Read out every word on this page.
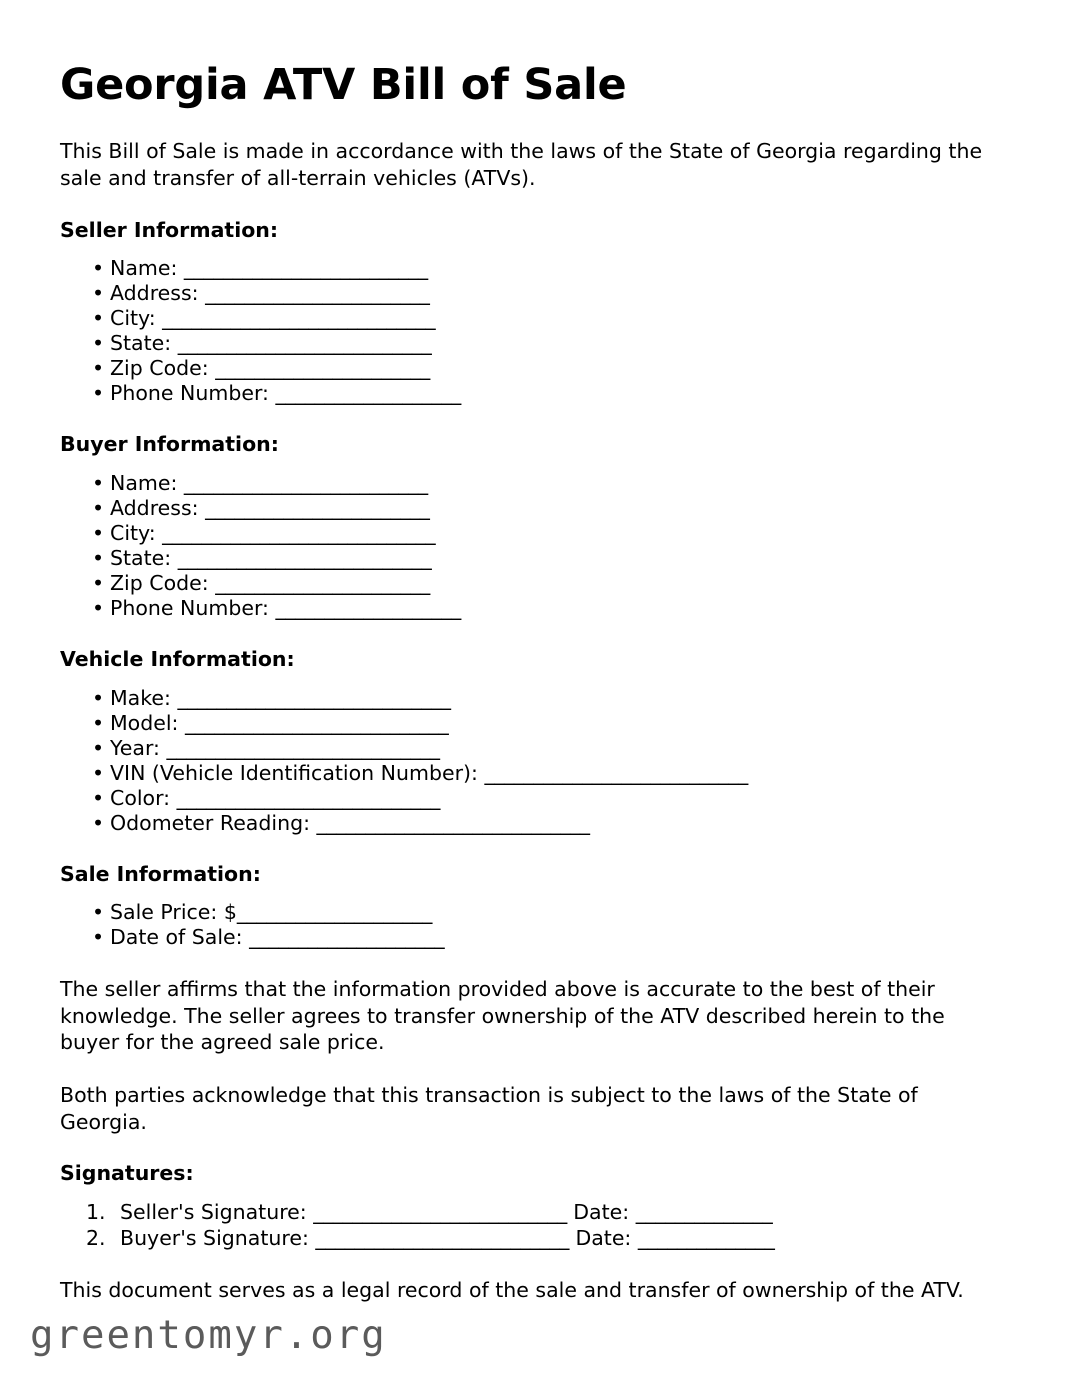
Georgia ATV Bill of Sale

This Bill of Sale is made in accordance with the laws of the State of Georgia regarding the sale and transfer of all-terrain vehicles (ATVs).

Seller Information:
• Name: _________________________
• Address: _______________________
• City: ____________________________
• State: __________________________
• Zip Code: ______________________
• Phone Number: ___________________
Buyer Information:
• Name: _________________________
• Address: _______________________
• City: ____________________________
• State: __________________________
• Zip Code: ______________________
• Phone Number: ___________________
Vehicle Information:
• Make: ____________________________
• Model: ___________________________
• Year: ____________________________
• VIN (Vehicle Identification Number): ___________________________
• Color: ___________________________
• Odometer Reading: ____________________________
Sale Information:
• Sale Price: $____________________
• Date of Sale: ____________________

The seller affirms that the information provided above is accurate to the best of their knowledge. The seller agrees to transfer ownership of the ATV described herein to the buyer for the agreed sale price.

Both parties acknowledge that this transaction is subject to the laws of the State of Georgia.

Signatures:
1. Seller's Signature: __________________________ Date: ______________
2. Buyer's Signature: __________________________ Date: ______________

This document serves as a legal record of the sale and transfer of ownership of the ATV.

greentomyr.org
